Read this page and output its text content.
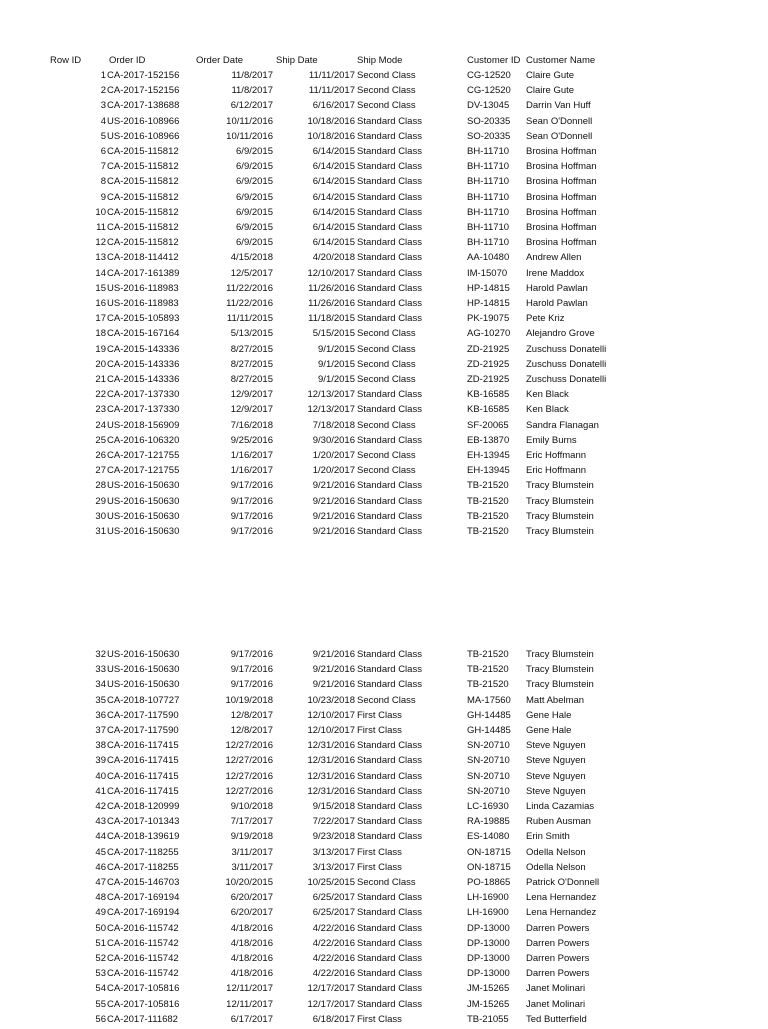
Row ID	Order ID	Order Date	Ship Date	Ship Mode	Customer ID Customer Name
1 CA-2017-152156	11/8/2017	11/11/2017 Second Class	CG-12520 Claire Gute
2 CA-2017-152156	11/8/2017	11/11/2017 Second Class	CG-12520 Claire Gute
3 CA-2017-138688	6/12/2017	6/16/2017 Second Class	DV-13045 Darrin Van Huff
4 US-2016-108966	10/11/2016	10/18/2016 Standard Class	SO-20335 Sean O'Donnell
5 US-2016-108966	10/11/2016	10/18/2016 Standard Class	SO-20335 Sean O'Donnell
6 CA-2015-115812	6/9/2015	6/14/2015 Standard Class	BH-11710 Brosina Hoffman
7 CA-2015-115812	6/9/2015	6/14/2015 Standard Class	BH-11710 Brosina Hoffman
8 CA-2015-115812	6/9/2015	6/14/2015 Standard Class	BH-11710 Brosina Hoffman
9 CA-2015-115812	6/9/2015	6/14/2015 Standard Class	BH-11710 Brosina Hoffman
10 CA-2015-115812	6/9/2015	6/14/2015 Standard Class	BH-11710 Brosina Hoffman
11 CA-2015-115812	6/9/2015	6/14/2015 Standard Class	BH-11710 Brosina Hoffman
12 CA-2015-115812	6/9/2015	6/14/2015 Standard Class	BH-11710 Brosina Hoffman
13 CA-2018-114412	4/15/2018	4/20/2018 Standard Class	AA-10480 Andrew Allen
14 CA-2017-161389	12/5/2017	12/10/2017 Standard Class	IM-15070 Irene Maddox
15 US-2016-118983	11/22/2016	11/26/2016 Standard Class	HP-14815 Harold Pawlan
16 US-2016-118983	11/22/2016	11/26/2016 Standard Class	HP-14815 Harold Pawlan
17 CA-2015-105893	11/11/2015	11/18/2015 Standard Class	PK-19075 Pete Kriz
18 CA-2015-167164	5/13/2015	5/15/2015 Second Class	AG-10270 Alejandro Grove
19 CA-2015-143336	8/27/2015	9/1/2015 Second Class	ZD-21925 Zuschuss Donatelli
20 CA-2015-143336	8/27/2015	9/1/2015 Second Class	ZD-21925 Zuschuss Donatelli
21 CA-2015-143336	8/27/2015	9/1/2015 Second Class	ZD-21925 Zuschuss Donatelli
22 CA-2017-137330	12/9/2017	12/13/2017 Standard Class	KB-16585 Ken Black
23 CA-2017-137330	12/9/2017	12/13/2017 Standard Class	KB-16585 Ken Black
24 US-2018-156909	7/16/2018	7/18/2018 Second Class	SF-20065 Sandra Flanagan
25 CA-2016-106320	9/25/2016	9/30/2016 Standard Class	EB-13870 Emily Burns
26 CA-2017-121755	1/16/2017	1/20/2017 Second Class	EH-13945 Eric Hoffmann
27 CA-2017-121755	1/16/2017	1/20/2017 Second Class	EH-13945 Eric Hoffmann
28 US-2016-150630	9/17/2016	9/21/2016 Standard Class	TB-21520 Tracy Blumstein
29 US-2016-150630	9/17/2016	9/21/2016 Standard Class	TB-21520 Tracy Blumstein
30 US-2016-150630	9/17/2016	9/21/2016 Standard Class	TB-21520 Tracy Blumstein
31 US-2016-150630	9/17/2016	9/21/2016 Standard Class	TB-21520 Tracy Blumstein
32 US-2016-150630	9/17/2016	9/21/2016 Standard Class	TB-21520 Tracy Blumstein
33 US-2016-150630	9/17/2016	9/21/2016 Standard Class	TB-21520 Tracy Blumstein
34 US-2016-150630	9/17/2016	9/21/2016 Standard Class	TB-21520 Tracy Blumstein
35 CA-2018-107727	10/19/2018	10/23/2018 Second Class	MA-17560 Matt Abelman
36 CA-2017-117590	12/8/2017	12/10/2017 First Class	GH-14485 Gene Hale
37 CA-2017-117590	12/8/2017	12/10/2017 First Class	GH-14485 Gene Hale
38 CA-2016-117415	12/27/2016	12/31/2016 Standard Class	SN-20710 Steve Nguyen
39 CA-2016-117415	12/27/2016	12/31/2016 Standard Class	SN-20710 Steve Nguyen
40 CA-2016-117415	12/27/2016	12/31/2016 Standard Class	SN-20710 Steve Nguyen
41 CA-2016-117415	12/27/2016	12/31/2016 Standard Class	SN-20710 Steve Nguyen
42 CA-2018-120999	9/10/2018	9/15/2018 Standard Class	LC-16930 Linda Cazamias
43 CA-2017-101343	7/17/2017	7/22/2017 Standard Class	RA-19885 Ruben Ausman
44 CA-2018-139619	9/19/2018	9/23/2018 Standard Class	ES-14080 Erin Smith
45 CA-2017-118255	3/11/2017	3/13/2017 First Class	ON-18715 Odella Nelson
46 CA-2017-118255	3/11/2017	3/13/2017 First Class	ON-18715 Odella Nelson
47 CA-2015-146703	10/20/2015	10/25/2015 Second Class	PO-18865 Patrick O'Donnell
48 CA-2017-169194	6/20/2017	6/25/2017 Standard Class	LH-16900 Lena Hernandez
49 CA-2017-169194	6/20/2017	6/25/2017 Standard Class	LH-16900 Lena Hernandez
50 CA-2016-115742	4/18/2016	4/22/2016 Standard Class	DP-13000 Darren Powers
51 CA-2016-115742	4/18/2016	4/22/2016 Standard Class	DP-13000 Darren Powers
52 CA-2016-115742	4/18/2016	4/22/2016 Standard Class	DP-13000 Darren Powers
53 CA-2016-115742	4/18/2016	4/22/2016 Standard Class	DP-13000 Darren Powers
54 CA-2017-105816	12/11/2017	12/17/2017 Standard Class	JM-15265 Janet Molinari
55 CA-2017-105816	12/11/2017	12/17/2017 Standard Class	JM-15265 Janet Molinari
56 CA-2017-111682	6/17/2017	6/18/2017 First Class	TB-21055 Ted Butterfield
